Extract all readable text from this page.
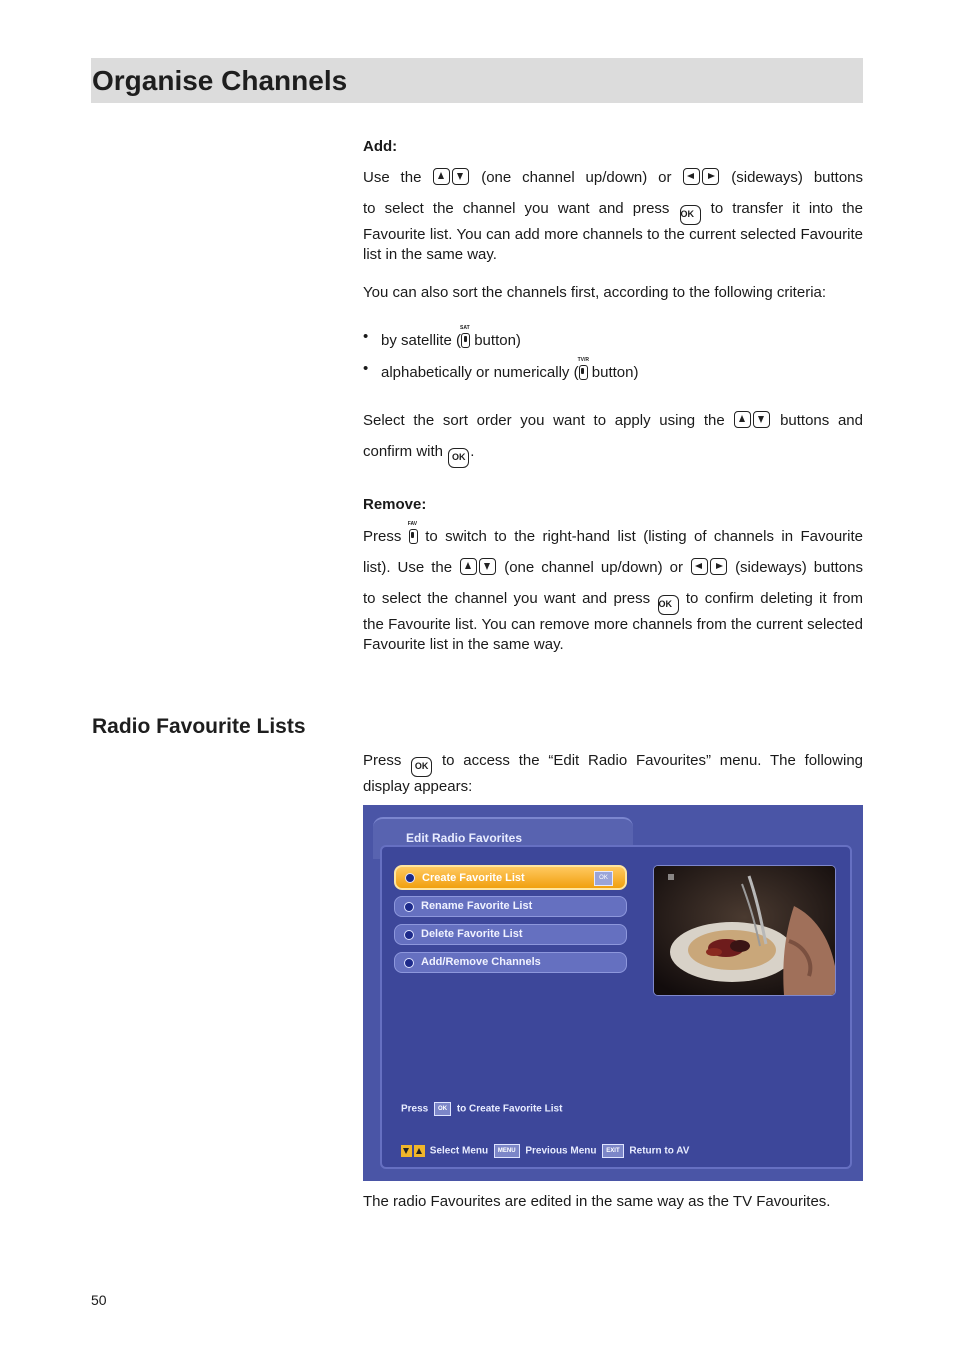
Organise Channels
Add:
Use the	(one channel up/down) or	(sideways) buttons
to select the channel you want and press OK to transfer it into the
Favourite list. You can add more channels to the current selected Favourite list in the same way.
You can also sort the channels first, according to the following criteria:
• by satellite (
SAT
button)
• alphabetically or numerically (
TV/R
button)
Select the sort order you want to apply using the	buttons and
confirm with OK .
Remove:
Press
FAV
to switch to the right-hand list (listing of channels in Favourite
list). Use the	(one channel up/down) or	(sideways) buttons
to select the channel you want and press OK to confirm deleting it from
the Favourite list. You can remove more channels from the current selected Favourite list in the same way.
Radio Favourite Lists
Press OK to access the “Edit Radio Favourites” menu. The following display appears:
Edit Radio Favorites
Create Favorite List	OK
Rename Favorite List
Delete Favorite List
Add/Remove Channels
Press OK to Create Favorite List
Select Menu MENU Previous Menu EXIT Return to AV
The radio Favourites are edited in the same way as the TV Favourites.
50
